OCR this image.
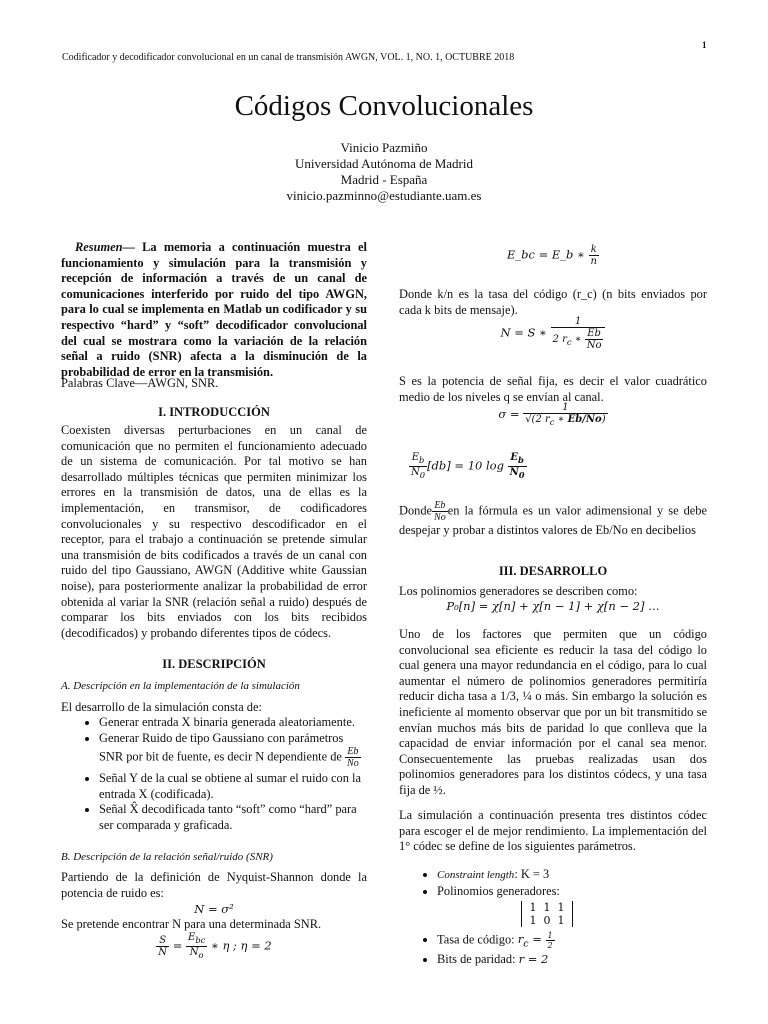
1
Codificador y decodificador convolucional en un canal de transmisión AWGN, VOL. 1, NO. 1, OCTUBRE 2018
Códigos Convolucionales
Vinicio Pazmiño
Universidad Autónoma de Madrid
Madrid - España
vinicio.pazminno@estudiante.uam.es
Resumen— La memoria a continuación muestra el funcionamiento y simulación para la transmisión y recepción de información a través de un canal de comunicaciones interferido por ruido del tipo AWGN, para lo cual se implementa en Matlab un codificador y su respectivo “hard” y “soft” decodificador convolucional del cual se mostrara como la variación de la relación señal a ruido (SNR) afecta a la disminución de la probabilidad de error en la transmisión.
Palabras Clave—AWGN, SNR.
I. INTRODUCCIÓN
Coexisten diversas perturbaciones en un canal de comunicación que no permiten el funcionamiento adecuado de un sistema de comunicación. Por tal motivo se han desarrollado múltiples técnicas que permiten minimizar los errores en la transmisión de datos, una de ellas es la implementación, en transmisor, de codificadores convolucionales y su respectivo descodificador en el receptor, para el trabajo a continuación se pretende simular una transmisión de bits codificados a través de un canal con ruido del tipo Gaussiano, AWGN (Additive white Gaussian noise), para posteriormente analizar la probabilidad de error obtenida al variar la SNR (relación señal a ruido) después de comparar los bits enviados con los bits recibidos (decodificados) y probando diferentes tipos de códecs.
II. DESCRIPCIÓN
A. Descripción en la implementación de la simulación
El desarrollo de la simulación consta de:
• Generar entrada X binaria generada aleatoriamente.
• Generar Ruido de tipo Gaussiano con parámetros SNR por bit de fuente, es decir N dependiente de $\frac{Eb}{No}$
• Señal Y de la cual se obtiene al sumar el ruido con la entrada X (codificada).
• Señal X̂ decodificada tanto “soft” como “hard” para ser comparada y graficada.
B. Descripción de la relación señal/ruido (SNR)
Partiendo de la definición de Nyquist-Shannon donde la potencia de ruido es:
N = σ²
Se pretende encontrar N para una determinada SNR.
$\frac{S}{N} = \frac{E_{bc}}{N_o}$ ∗ η ; η = 2
E_bc = E_b ∗ $\frac{k}{n}$
Donde k/n es la tasa del código (r_c) (n bits enviados por cada k bits de mensaje).
N = S ∗ $\frac{1}{2 r_c ∗ \frac{Eb}{No}}$
S es la potencia de señal fija, es decir el valor cuadrático medio de los niveles q se envían al canal.
$\sigma = \frac{1}{√(2 r_c ∗ Eb/No)}$
$\frac{E_b}{N_0} [db] = 10$ $\log \frac{E_b}{N_0}$
Donde $\frac{Eb}{No}$ en la fórmula es un valor adimensional y se debe despejar y probar a distintos valores de Eb/No en decibelios
III. DESARROLLO
Los polinomios generadores se describen como:
P₀[n] = χ[n] + χ[n − 1] + χ[n − 2] …
Uno de los factores que permiten que un código convolucional sea eficiente es reducir la tasa del código lo cual genera una mayor redundancia en el código, para lo cual aumentar el número de polinomios generadores permitiría reducir dicha tasa a 1/3, ¼ o más. Sin embargo la solución es ineficiente al momento observar que por un bit transmitido se envían muchos más bits de paridad lo que conlleva que la capacidad de enviar información por el canal sea menor. Consecuentemente las pruebas realizadas usan dos polinomios generadores para los distintos códecs, y una tasa fija de ½.
La simulación a continuación presenta tres distintos códec para escoger el de mejor rendimiento. La implementación del 1° códec se define de los siguientes parámetros.
• Constraint length: K = 3
• Polinomios generadores:
1 1 1
1 0 1
• Tasa de código: $r_c = \frac{1}{2}$
• Bits de paridad: r = 2
